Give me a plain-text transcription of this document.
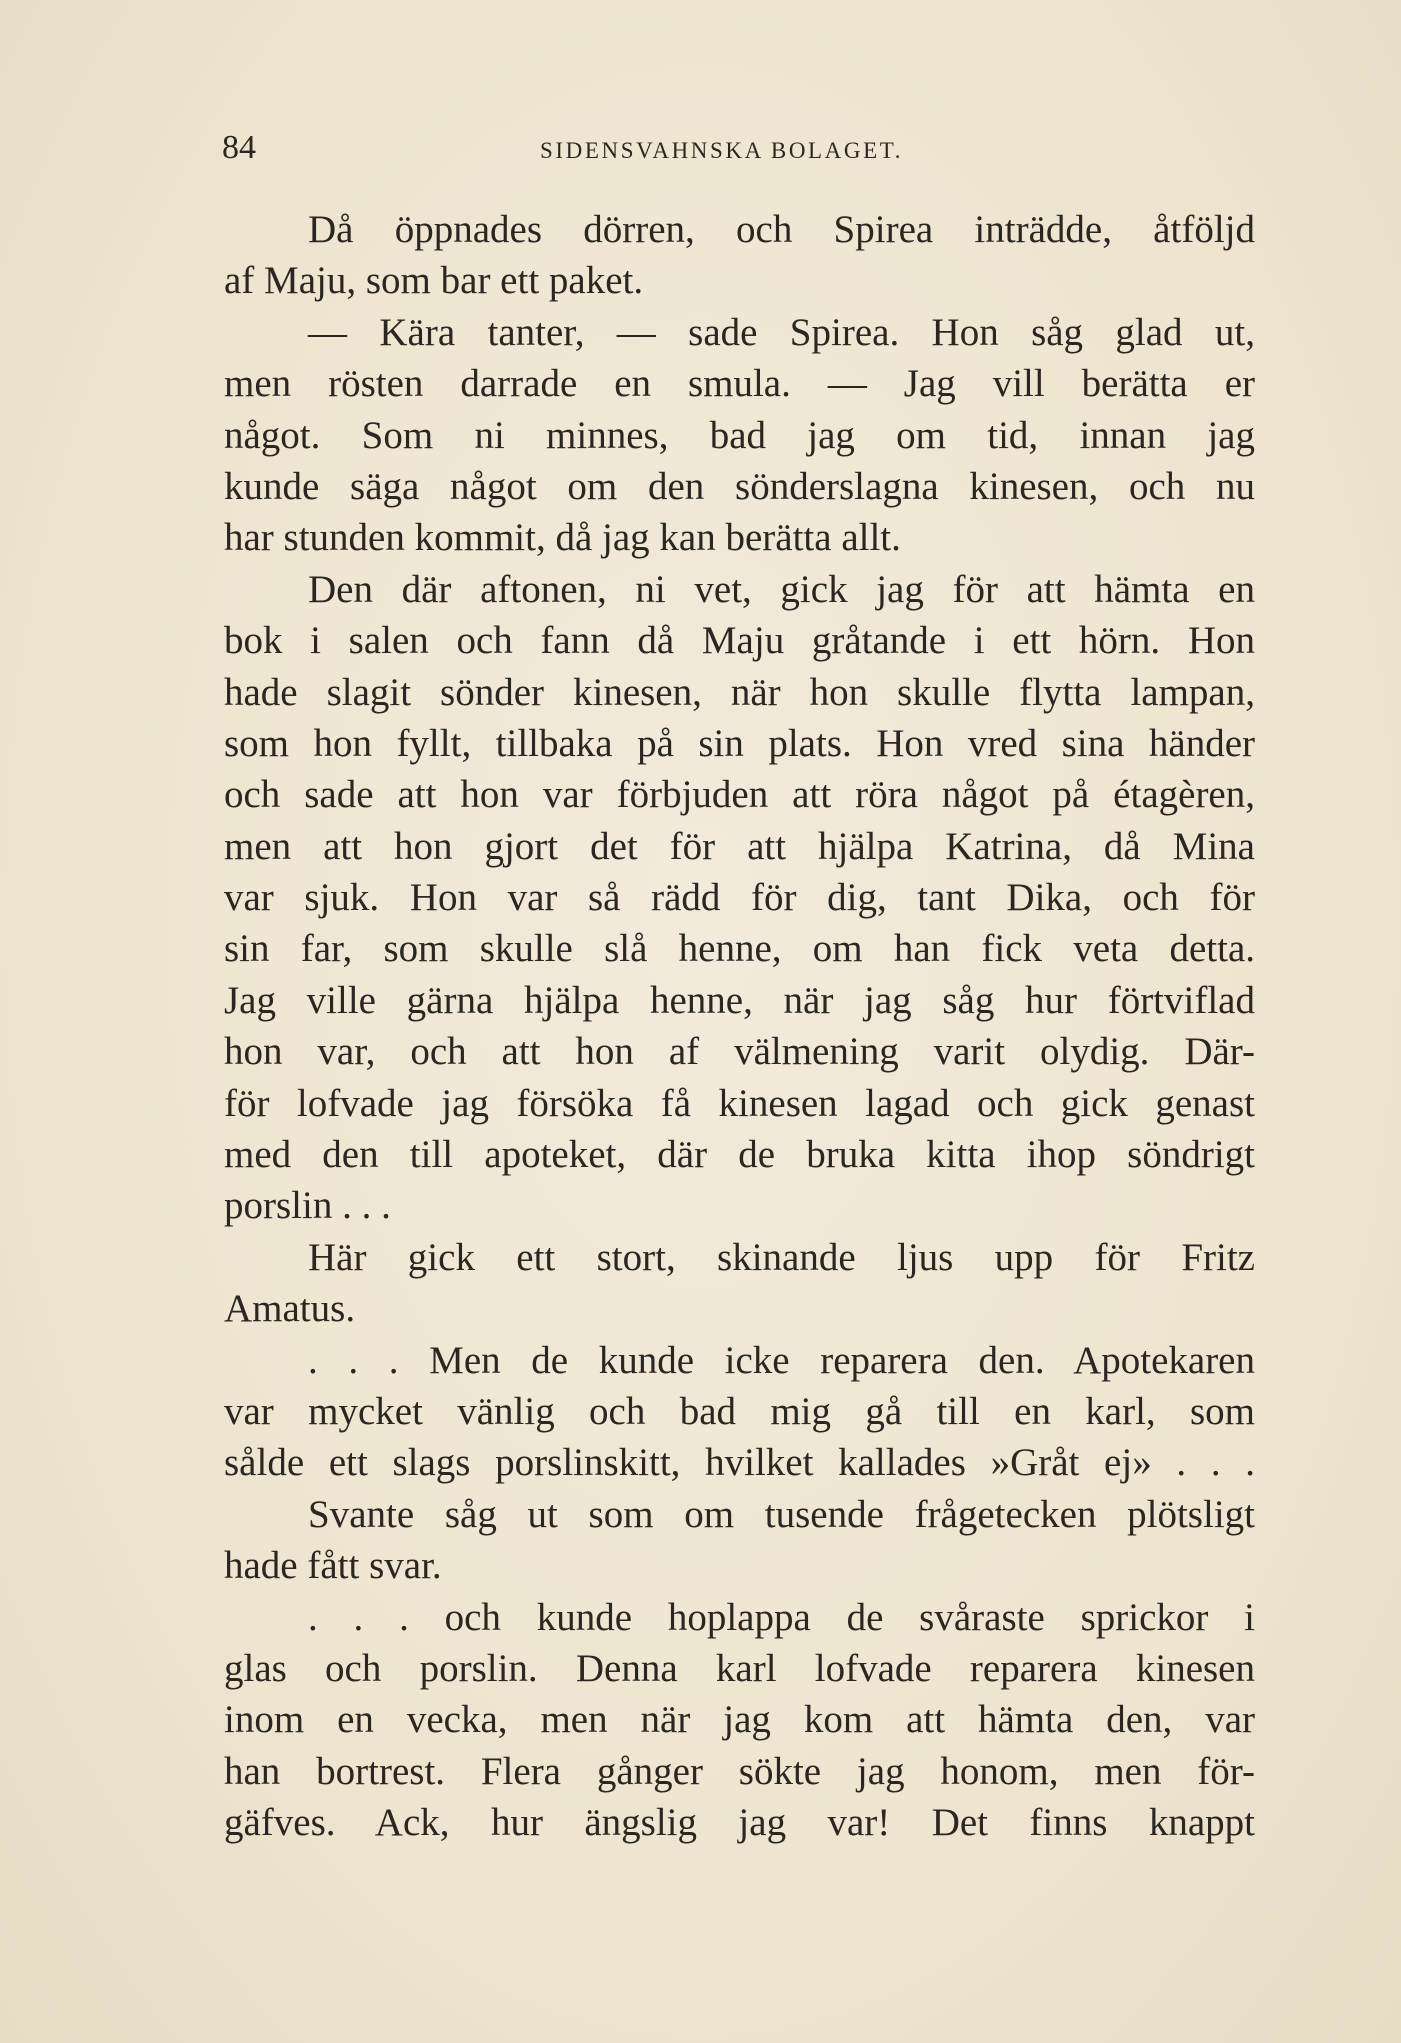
84	SIDENSVAHNSKA BOLAGET.
Då öppnades dörren, och Spirea inträdde, åtföljd
af Maju, som bar ett paket.
— Kära tanter, — sade Spirea. Hon såg glad ut,
men rösten darrade en smula. — Jag vill berätta er
något. Som ni minnes, bad jag om tid, innan jag
kunde säga något om den sönderslagna kinesen, och nu
har stunden kommit, då jag kan berätta allt.
Den där aftonen, ni vet, gick jag för att hämta en
bok i salen och fann då Maju gråtande i ett hörn. Hon
hade slagit sönder kinesen, när hon skulle flytta lampan,
som hon fyllt, tillbaka på sin plats. Hon vred sina händer
och sade att hon var förbjuden att röra något på étagèren,
men att hon gjort det för att hjälpa Katrina, då Mina
var sjuk. Hon var så rädd för dig, tant Dika, och för
sin far, som skulle slå henne, om han fick veta detta.
Jag ville gärna hjälpa henne, när jag såg hur förtviflad
hon var, och att hon af välmening varit olydig. Där-
för lofvade jag försöka få kinesen lagad och gick genast
med den till apoteket, där de bruka kitta ihop söndrigt
porslin . . .
Här gick ett stort, skinande ljus upp för Fritz
Amatus.
. . . Men de kunde icke reparera den. Apotekaren
var mycket vänlig och bad mig gå till en karl, som
sålde ett slags porslinskitt, hvilket kallades »Gråt ej» . . .
Svante såg ut som om tusende frågetecken plötsligt
hade fått svar.
. . . och kunde hoplappa de svåraste sprickor i
glas och porslin. Denna karl lofvade reparera kinesen
inom en vecka, men när jag kom att hämta den, var
han bortrest. Flera gånger sökte jag honom, men för-
gäfves. Ack, hur ängslig jag var! Det finns knappt
